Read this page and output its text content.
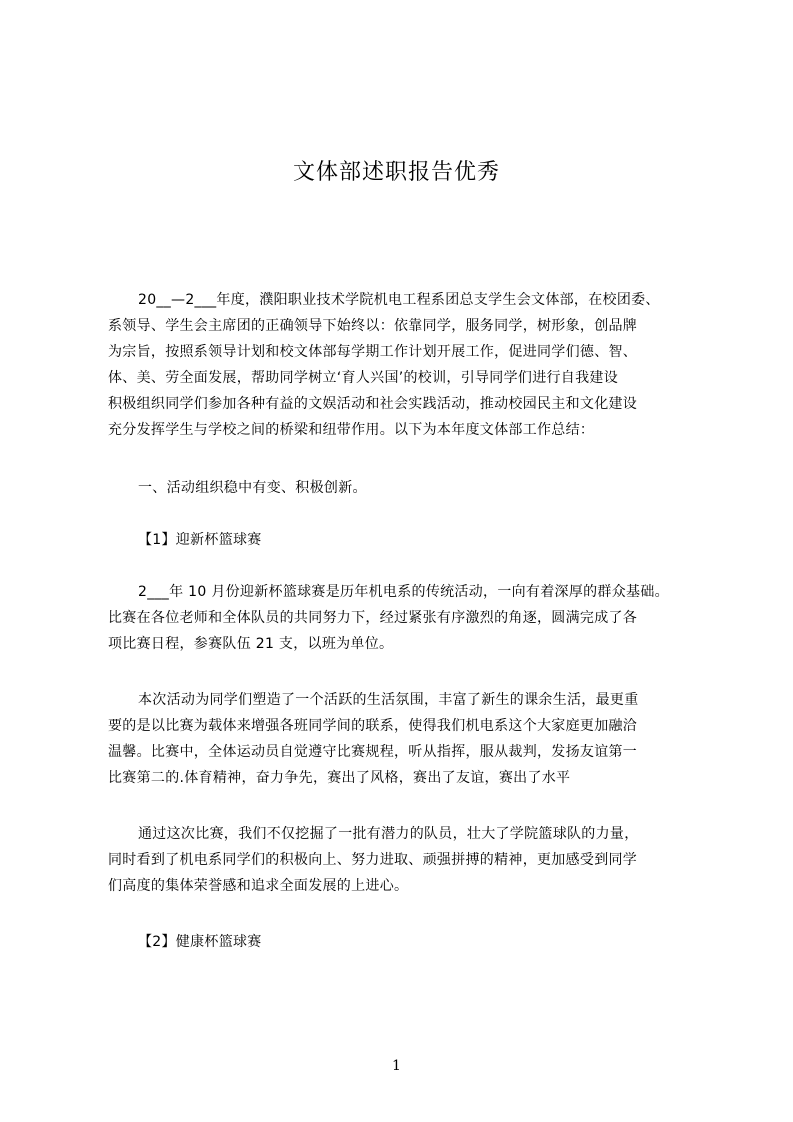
文体部述职报告优秀
20__—2___年度，濮阳职业技术学院机电工程系团总支学生会文体部，在校团委、
系领导、学生会主席团的正确领导下始终以：依靠同学，服务同学，树形象，创品牌
为宗旨，按照系领导计划和校文体部每学期工作计划开展工作，促进同学们德、智、
体、美、劳全面发展，帮助同学树立‘育人兴国’的校训，引导同学们进行自我建设
积极组织同学们参加各种有益的文娱活动和社会实践活动，推动校园民主和文化建设
充分发挥学生与学校之间的桥梁和纽带作用。以下为本年度文体部工作总结：
一、活动组织稳中有变、积极创新。
【1】迎新杯篮球赛
2___年 10 月份迎新杯篮球赛是历年机电系的传统活动，一向有着深厚的群众基础。
比赛在各位老师和全体队员的共同努力下，经过紧张有序激烈的角逐，圆满完成了各
项比赛日程，参赛队伍 21 支，以班为单位。
本次活动为同学们塑造了一个活跃的生活氛围，丰富了新生的课余生活，最更重
要的是以比赛为载体来增强各班同学间的联系，使得我们机电系这个大家庭更加融洽
温馨。比赛中，全体运动员自觉遵守比赛规程，听从指挥，服从裁判，发扬友谊第一
比赛第二的.体育精神，奋力争先，赛出了风格，赛出了友谊，赛出了水平
通过这次比赛，我们不仅挖掘了一批有潜力的队员，壮大了学院篮球队的力量，
同时看到了机电系同学们的积极向上、努力进取、顽强拼搏的精神，更加感受到同学
们高度的集体荣誉感和追求全面发展的上进心。
【2】健康杯篮球赛
1
